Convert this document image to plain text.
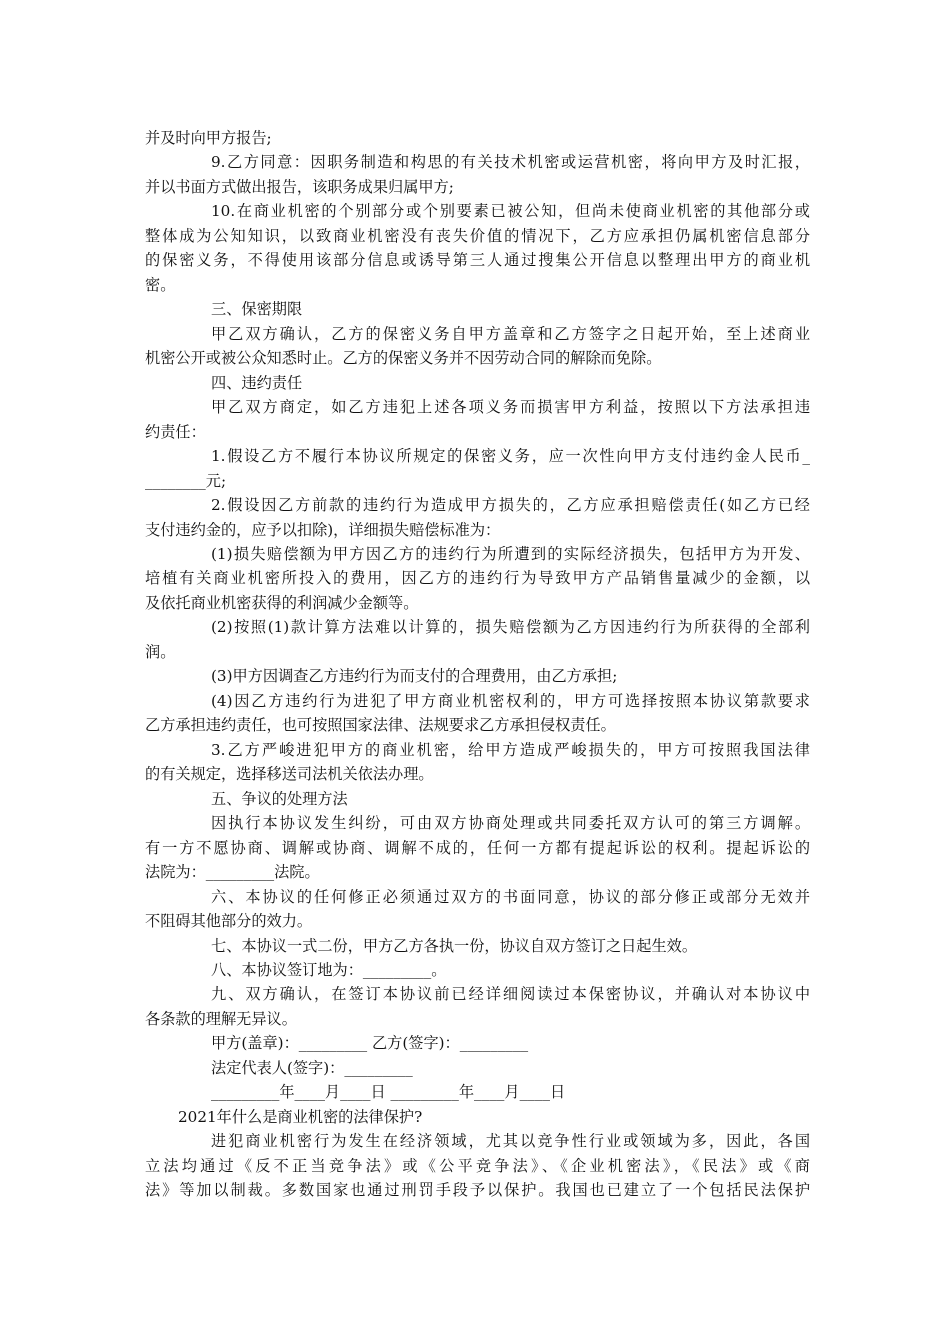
并及时向甲方报告;
9.乙方同意：因职务制造和构思的有关技术机密或运营机密，将向甲方及时汇报，
并以书面方式做出报告，该职务成果归属甲方;
10.在商业机密的个别部分或个别要素已被公知，但尚未使商业机密的其他部分或
整体成为公知知识，以致商业机密没有丧失价值的情况下，乙方应承担仍属机密信息部分
的保密义务，不得使用该部分信息或诱导第三人通过搜集公开信息以整理出甲方的商业机
密。
三、保密期限
甲乙双方确认，乙方的保密义务自甲方盖章和乙方签字之日起开始，至上述商业
机密公开或被公众知悉时止。乙方的保密义务并不因劳动合同的解除而免除。
四、违约责任
甲乙双方商定，如乙方违犯上述各项义务而损害甲方利益，按照以下方法承担违
约责任：
1.假设乙方不履行本协议所规定的保密义务，应一次性向甲方支付违约金人民币_
________元;
2.假设因乙方前款的违约行为造成甲方损失的，乙方应承担赔偿责任(如乙方已经
支付违约金的，应予以扣除)，详细损失赔偿标准为：
(1)损失赔偿额为甲方因乙方的违约行为所遭到的实际经济损失，包括甲方为开发、
培植有关商业机密所投入的费用，因乙方的违约行为导致甲方产品销售量减少的金额，以
及依托商业机密获得的利润减少金额等。
(2)按照(1)款计算方法难以计算的，损失赔偿额为乙方因违约行为所获得的全部利
润。
(3)甲方因调查乙方违约行为而支付的合理费用，由乙方承担;
(4)因乙方违约行为进犯了甲方商业机密权利的，甲方可选择按照本协议第款要求
乙方承担违约责任，也可按照国家法律、法规要求乙方承担侵权责任。
3.乙方严峻进犯甲方的商业机密，给甲方造成严峻损失的，甲方可按照我国法律
的有关规定，选择移送司法机关依法办理。
五、争议的处理方法
因执行本协议发生纠纷，可由双方协商处理或共同委托双方认可的第三方调解。
有一方不愿协商、调解或协商、调解不成的，任何一方都有提起诉讼的权利。提起诉讼的
法院为：_________法院。
六、本协议的任何修正必须通过双方的书面同意，协议的部分修正或部分无效并
不阻碍其他部分的效力。
七、本协议一式二份，甲方乙方各执一份，协议自双方签订之日起生效。
八、本协议签订地为：_________。
九、双方确认，在签订本协议前已经详细阅读过本保密协议，并确认对本协议中
各条款的理解无异议。
甲方(盖章)：_________ 乙方(签字)：_________
法定代表人(签字)：_________
_________年____月____日 _________年____月____日
2021年什么是商业机密的法律保护?
进犯商业机密行为发生在经济领域，尤其以竞争性行业或领域为多，因此，各国
立法均通过《反不正当竞争法》或《公平竞争法》、《企业机密法》，《民法》或《商
法》等加以制裁。多数国家也通过刑罚手段予以保护。我国也已建立了一个包括民法保护
